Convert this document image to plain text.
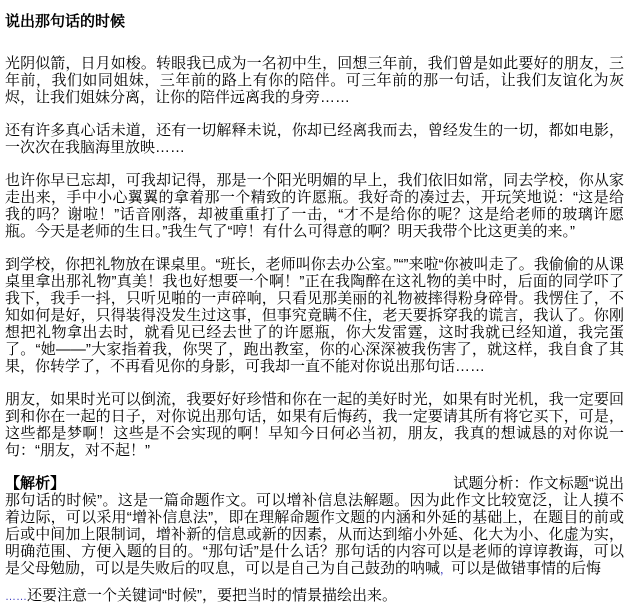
说出那句话的时候

光阴似箭，日月如梭。转眼我已成为一名初中生，回想三年前，我们曾是如此要好的朋友，三年前，我们如同姐妹，三年前的路上有你的陪伴。可三年前的那一句话，让我们友谊化为灰烬，让我们姐妹分离，让你的陪伴远离我的身旁……

还有许多真心话未道，还有一切解释未说，你却已经离我而去，曾经发生的一切，都如电影，一次次在我脑海里放映……

也许你早已忘却，可我却记得，那是一个阳光明媚的早上，我们依旧如常，同去学校，你从家走出来，手中小心翼翼的拿着那一个精致的许愿瓶。我好奇的凑过去，开玩笑地说：“这是给我的吗？谢啦！”话音刚落，却被重重打了一击，“才不是给你的呢？这是给老师的玻璃许愿瓶。今天是老师的生日。”我生气了“哼！有什么可得意的啊？明天我带个比这更美的来。”

到学校，你把礼物放在课桌里。“班长，老师叫你去办公室。”“”来啦“你被叫走了。我偷偷的从课桌里拿出那礼物”真美！我也好想要一个啊！”正在我陶醉在这礼物的美中时，后面的同学吓了我下，我手一抖，只听见啪的一声碎响，只看见那美丽的礼物被摔得粉身碎骨。我愣住了，不知如何是好，只得装得没发生过这事，但事究竟瞒不住，老天要拆穿我的谎言，我认了。你刚想把礼物拿出去时，就看见已经去世了的许愿瓶，你大发雷霆，这时我就已经知道，我完蛋了。“她――”大家指着我，你哭了，跑出教室，你的心深深被我伤害了，就这样，我自食了其果，你转学了，不再看见你的身影，可我却一直不能对你说出那句话……

朋友，如果时光可以倒流，我要好好珍惜和你在一起的美好时光，如果有时光机，我一定要回到和你在一起的日子，对你说出那句话，如果有后悔药，我一定要请其所有将它买下，可是，这些都是梦啊！这些是不会实现的啊！早知今日何必当初，朋友，我真的想诚恳的对你说一句：“朋友，对不起！”

【解析】	试题分析：作文标题“说出那句话的时候”。这是一篇命题作文。可以增补信息法解题。因为此作文比较宽泛，让人摸不着边际，可以采用“增补信息法”，即在理解命题作文题的内涵和外延的基础上，在题目的前或后或中间加上限制词，增补新的信息或新的因素，从而达到缩小外延、化大为小、化虚为实，明确范围、方便入题的目的。“那句话”是什么话？那句话的内容可以是老师的谆谆教诲，可以是父母勉励，可以是失败后的叹息，可以是自己为自己鼓劲的呐喊，可以是做错事情的后悔

……还要注意一个关键词“时候”，要把当时的情景描绘出来。
